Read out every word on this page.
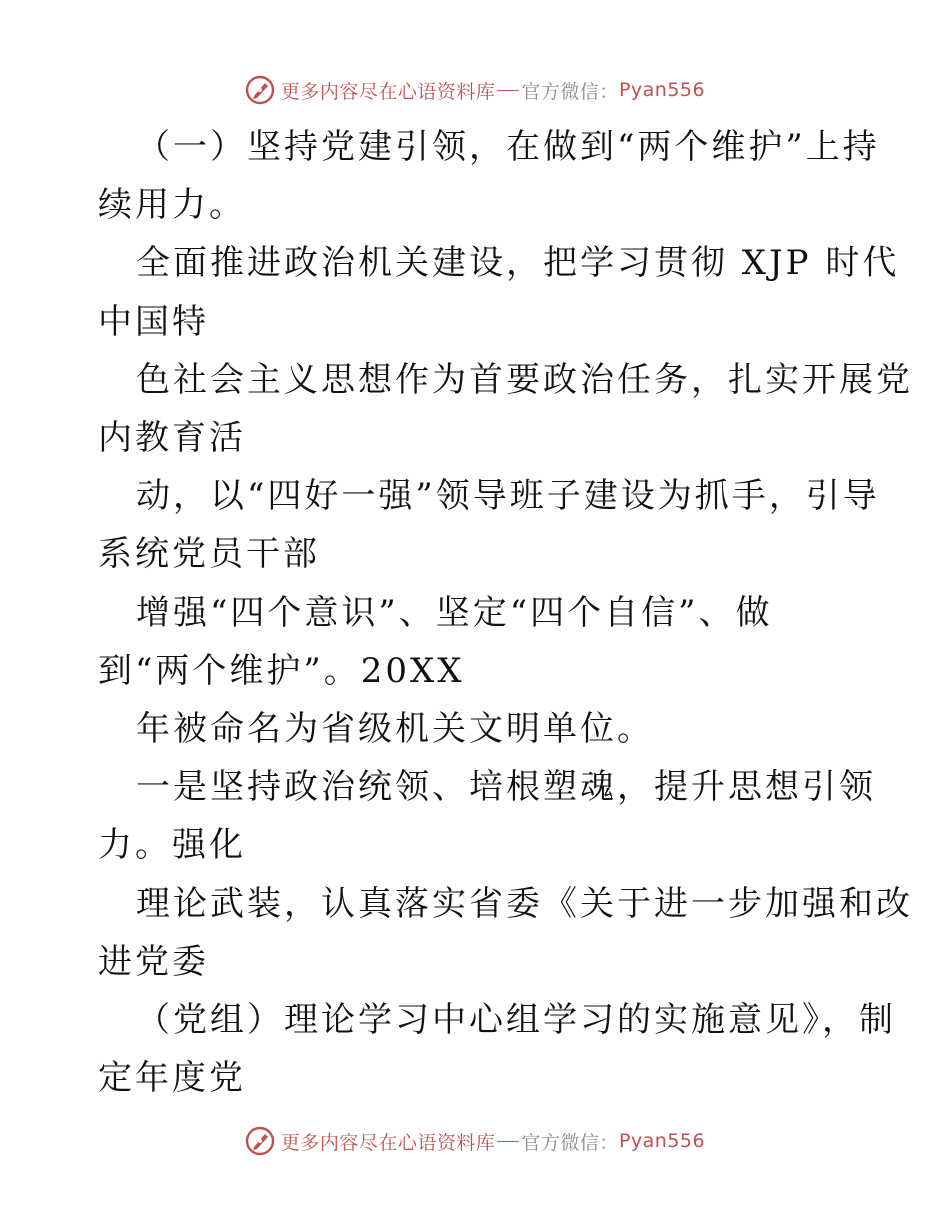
更多内容尽在心语资料库 官方微信： Pyan556
（一）坚持党建引领，在做到“两个维护”上持
续用力。
全面推进政治机关建设，把学习贯彻 XJP 时代
中国特
色社会主义思想作为首要政治任务，扎实开展党
内教育活
动，以“四好一强”领导班子建设为抓手，引导
系统党员干部
增强“四个意识”、坚定“四个自信”、做
到“两个维护”。20XX
年被命名为省级机关文明单位。
一是坚持政治统领、培根塑魂，提升思想引领
力。强化
理论武装，认真落实省委《关于进一步加强和改
进党委
（党组）理论学习中心组学习的实施意见》，制
定年度党
更多内容尽在心语资料库 官方微信： Pyan556
